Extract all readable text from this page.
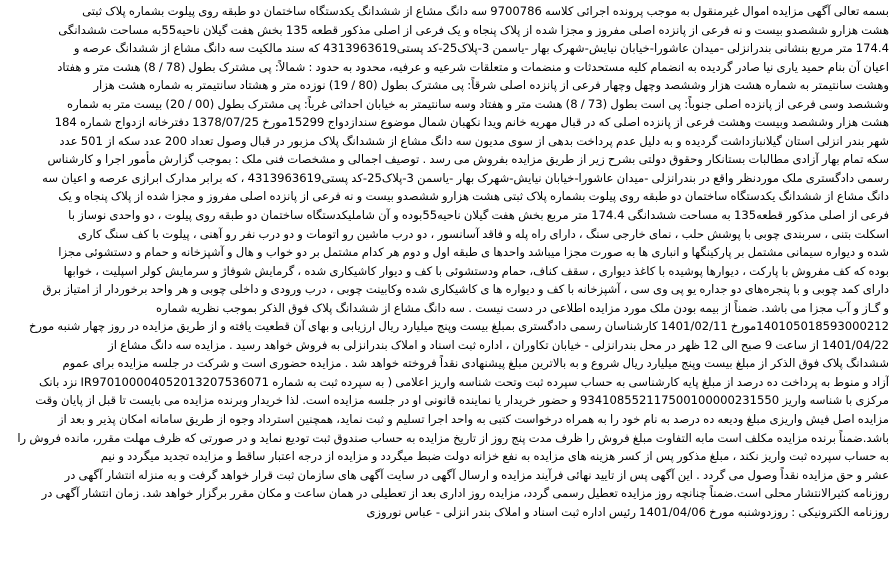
بسمه تعالی آگهی مزایده اموال غیرمنقول به موجب پرونده اجرائی کلاسه 9700786 سه دانگ مشاع از ششدانگ یکدستگاه ساختمان دو طبقه روی پیلوت بشماره پلاک ثبتی
هشت هزارو ششصدو بیست و نه فرعی از پانزده اصلی مفروز و مجزا شده از پلاک پنجاه و یک فرعی از اصلی مذکور قطعه 135 بخش هفت گیلان ناحیه55به مساحت ششدانگی
174.4 متر مربع بنشانی بندرانزلی -میدان عاشورا-خیابان نیایش-شهرک بهار -یاسمن 3-پلاک25-کد پستی4313963619 که سند مالکیت سه دانگ مشاع از ششدانگ عرصه و
اعیان آن بنام حمید یاری نیا صادر گردیده به انضمام کلیه مستحدثات و منضمات و متعلقات شرعیه و عرفیه، محدود به حدود : شمالاً: پی مشترک بطول (78 / 8) هشت متر و هفتاد
وهشت سانتیمتر به شماره هشت هزار وششصد وچهل وچهار فرعی از پانزده اصلی شرقاً: پی مشترک بطول (80 / 19) نوزده متر و هشتاد سانتیمتر به شماره هشت هزار
وششصد وسی فرعی از پانزده اصلی جنوباً: پی است بطول (73 / 8) هشت متر و هفتاد وسه سانتیمتر به خیابان احداثی غرباً: پی مشترک بطول (00 / 20) بیست متر به شماره
هشت هزار وششصد وبیست وهشت فرعی از پانزده اصلی که در قبال مهریه خانم ویدا نکهبان شمال موضوع سندازدواج 15299مورخ 1378/07/25 دفترخانه ازدواج شماره 184
شهر بندر انزلی استان گیلانبازداشت گردیده و به دلیل عدم پرداخت بدهی از سوی مدیون سه دانگ مشاع از ششدانگ پلاک مزبور در قبال وصول تعداد 200 عدد سکه از 501 عدد
سکه تمام بهار آزادی مطالبات بستانکار وحقوق دولتی بشرح زیر از طریق مزایده بفروش می رسد . توصیف اجمالی و مشخصات فنی ملک : بموجب گزارش مأمور اجرا و کارشناس
رسمی دادگستری ملک موردنظر واقع در بندرانزلی -میدان عاشورا-خیابان نیایش-شهرک بهار -یاسمن 3-پلاک25-کد پستی4313963619 ، که برابر مدارک ابرازی عرصه و اعیان سه
دانگ مشاع از ششدانگ یکدستگاه ساختمان دو طبقه روی پیلوت بشماره پلاک ثبتی هشت هزارو ششصدو بیست و نه فرعی از پانزده اصلی مفروز و مجزا شده از پلاک پنجاه و یک
فرعی از اصلی مذکور قطعه135 به مساحت ششدانگی 174.4 متر مربع بخش هفت گیلان ناحیه55بوده و آن شاملیکدستگاه ساختمان دو طبقه روی پیلوت ، دو واحدی نوساز با
اسکلت بتنی ، سربندی چوبی با پوشش حلب ، نمای خارجی سنگ ، دارای راه پله و فاقد آسانسور ، دو درب ماشین رو اتومات و دو درب نفر رو آهنی ، پیلوت با کف سنگ کاری
شده و دیواره سیمانی مشتمل بر پارکینگها و انباری ها به صورت مجزا میباشد واحدها ی طبقه اول و دوم هر کدام مشتمل بر دو خواب و هال و آشپزخانه و حمام و دستشوئی مجزا
بوده که کف مفروش با پارکت ، دیوارها پوشیده با کاغذ دیواری ، سقف کناف، حمام ودستشوئی با کف و دیوار کاشیکاری شده ، گرمایش شوفاژ و سرمایش کولر اسپلیت ، خوابها
دارای کمد چوبی و با پنجره‌های دو جداره یو پی وی سی ، آشپزخانه با کف و دیواره ها ی کاشیکاری شده وکابینت چوبی ، درب ورودی و داخلی چوبی و هر واحد برخوردار از امتیاز برق
و گـاز و آب مجزا می باشد. ضمناً از بیمه بودن ملک مورد مزایده اطلاعی در دست نیست . سه دانگ مشاع از ششدانگ پلاک فوق الذکر بموجب نظریه شماره
140105018593000212مورخ 1401/02/11 کارشناسان رسمی دادگستری بمبلغ بیست وپنج میلیارد ریال ارزیابی و بهای آن قطعیت یافته و از طریق مزایده در روز چهار شنبه مورخ
1401/04/22 از ساعت 9 صبح الی 12 ظهر در محل بندرانزلی - خیابان تکاوران ، اداره ثبت اسناد و املاک بندرانزلی به فروش خواهد رسید . مزایده سه دانگ مشاع از
ششدانگ پلاک فوق الذکر از مبلغ بیست وپنج میلیارد ریال شروع و به بالاترین مبلغ پیشنهادی نقداً فروخته خواهد شد . مزایده حضوری است و شرکت در جلسه مزایده برای عموم
آزاد و منوط به پرداخت ده درصد از مبلغ پایه کارشناسی به حساب سپرده ثبت وتحت شناسه واریز اعلامی ( به سپرده ثبت به شماره IR970100004052013207536071 نزد بانک
مرکزی با شناسه واریز 934108552117500100000231550 و حضور خریدار یا نماینده قانونی او در جلسه مزایده است. لذا خریدار وبرنده مزایده می بایست تا قبل از پایان وقت
مزایده اصل فیش واریزی مبلغ ودیعه ده درصد به نام خود را به همراه درخواست کتبی به واحد اجرا تسلیم و ثبت نماید، همچنین استرداد وجوه از طریق سامانه امکان پذیر و بعد از
باشد.ضمناً برنده مزایده مکلف است مابه التفاوت مبلغ فروش را ظرف مدت پنج روز از تاریخ مزایده به حساب صندوق ثبت تودیع نماید و در صورتی که ظرف مهلت مقرر، مانده فروش را
به حساب سپرده ثبت واریز نکند ، مبلغ مذکور پس از کسر هزینه های مزایده به نفع خزانه دولت ضبط میگردد و مزایده از درجه اعتبار ساقط و مزایده تجدید میگردد و نیم
عشر و حق مزایده نقداً وصول می گردد . این آگهی پس از تایید نهائی فرآیند مزایده و ارسال آگهی در سایت آگهی های سازمان ثبت قرار خواهد گرفت و به منزله انتشار آگهی در
روزنامه کثیرالانتشار محلی است.ضمناً چنانچه روز مزایده تعطیل رسمی گردد، مزایده روز اداری بعد از تعطیلی در همان ساعت و مکان مقرر برگزار خواهد شد. زمان انتشار آگهی در
روزنامه الکترونیکی : روزدوشنبه مورخ 1401/04/06 رئیس اداره ثبت اسناد و املاک بندر انزلی - عباس نوروزی
